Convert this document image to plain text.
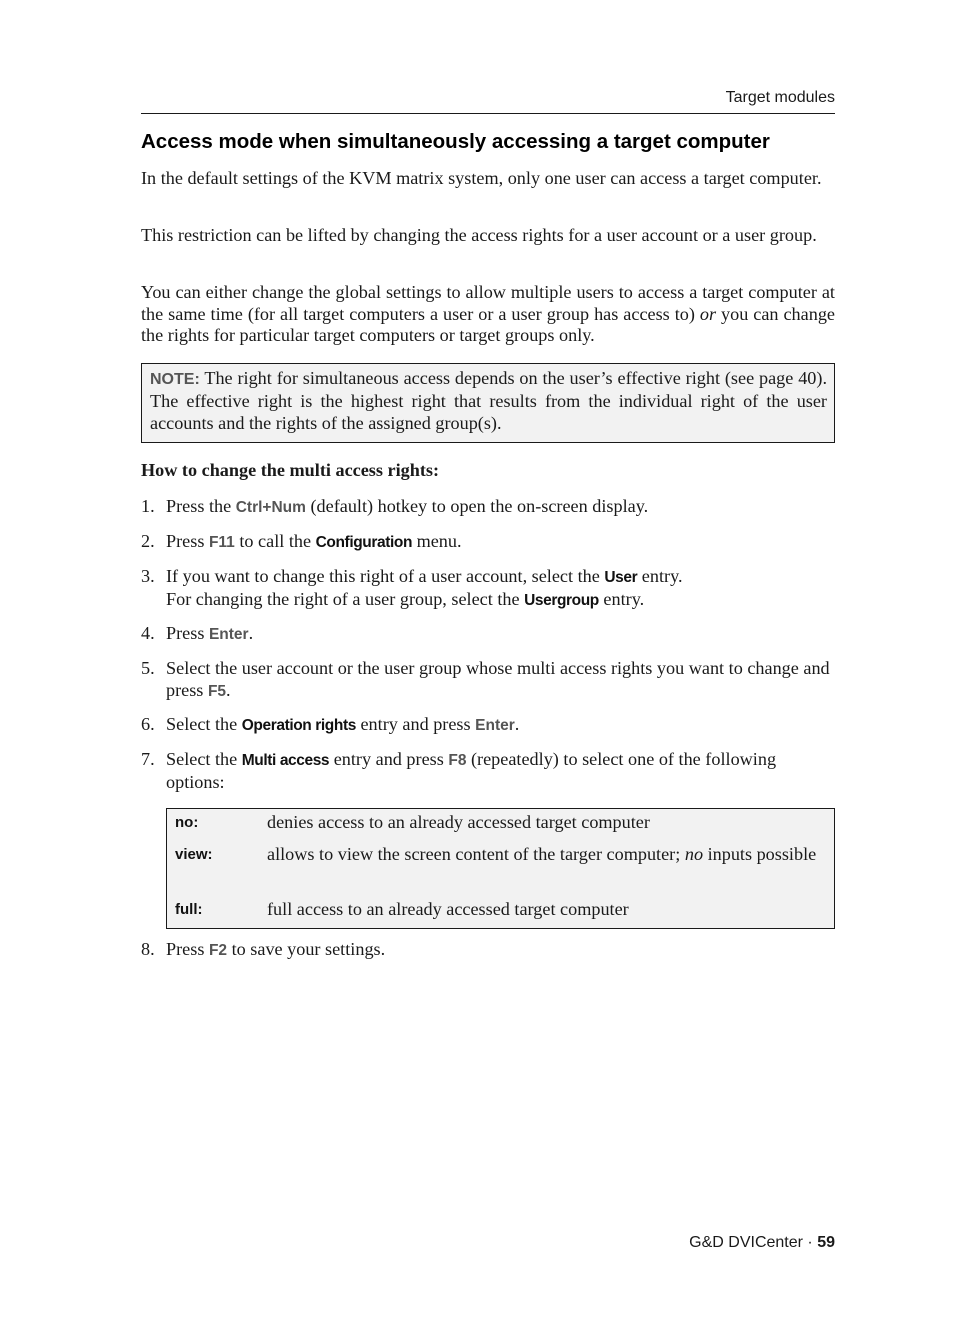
Target modules
Access mode when simultaneously accessing a target computer

In the default settings of the KVM matrix system, only one user can access a target computer.

This restriction can be lifted by changing the access rights for a user account or a user group.

You can either change the global settings to allow multiple users to access a target computer at the same time (for all target computers a user or a user group has access to) or you can change the rights for particular target computers or target groups only.

NOTE: The right for simultaneous access depends on the user’s effective right (see page 40). The effective right is the highest right that results from the individual right of the user accounts and the rights of the assigned group(s).

How to change the multi access rights:

1. Press the Ctrl+Num (default) hotkey to open the on-screen display.
2. Press F11 to call the Configuration menu.
3. If you want to change this right of a user account, select the User entry.
For changing the right of a user group, select the Usergroup entry.
4. Press Enter.
5. Select the user account or the user group whose multi access rights you want to change and press F5.
6. Select the Operation rights entry and press Enter.
7. Select the Multi access entry and press F8 (repeatedly) to select one of the following options:
no:	denies access to an already accessed target computer
view:	allows to view the screen content of the targer computer; no inputs possible
full:	full access to an already accessed target computer
8. Press F2 to save your settings.
G&D DVICenter · 59
